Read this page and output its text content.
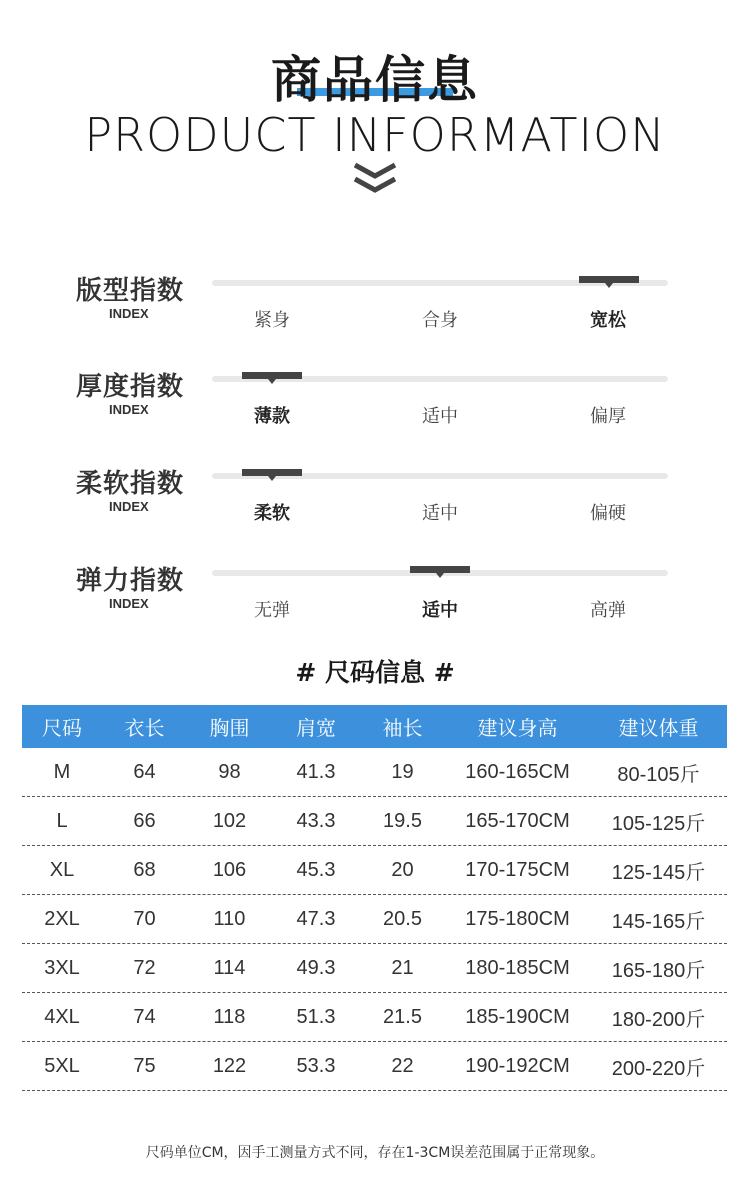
商品信息
PRODUCT INFORMATION
版型指数
INDEX	紧身	合身	宽松
厚度指数
INDEX	薄款	适中	偏厚
柔软指数
INDEX	柔软	适中	偏硬
弹力指数
INDEX	无弹	适中	高弹
# 尺码信息 #
尺码	衣长	胸围	肩宽	袖长	建议身高	建议体重
M	64	98	41.3	19	160-165CM	80-105斤
L	66	102	43.3	19.5	165-170CM	105-125斤
XL	68	106	45.3	20	170-175CM	125-145斤
2XL	70	110	47.3	20.5	175-180CM	145-165斤
3XL	72	114	49.3	21	180-185CM	165-180斤
4XL	74	118	51.3	21.5	185-190CM	180-200斤
5XL	75	122	53.3	22	190-192CM	200-220斤
尺码单位CM，因手工测量方式不同，存在1-3CM误差范围属于正常现象。
